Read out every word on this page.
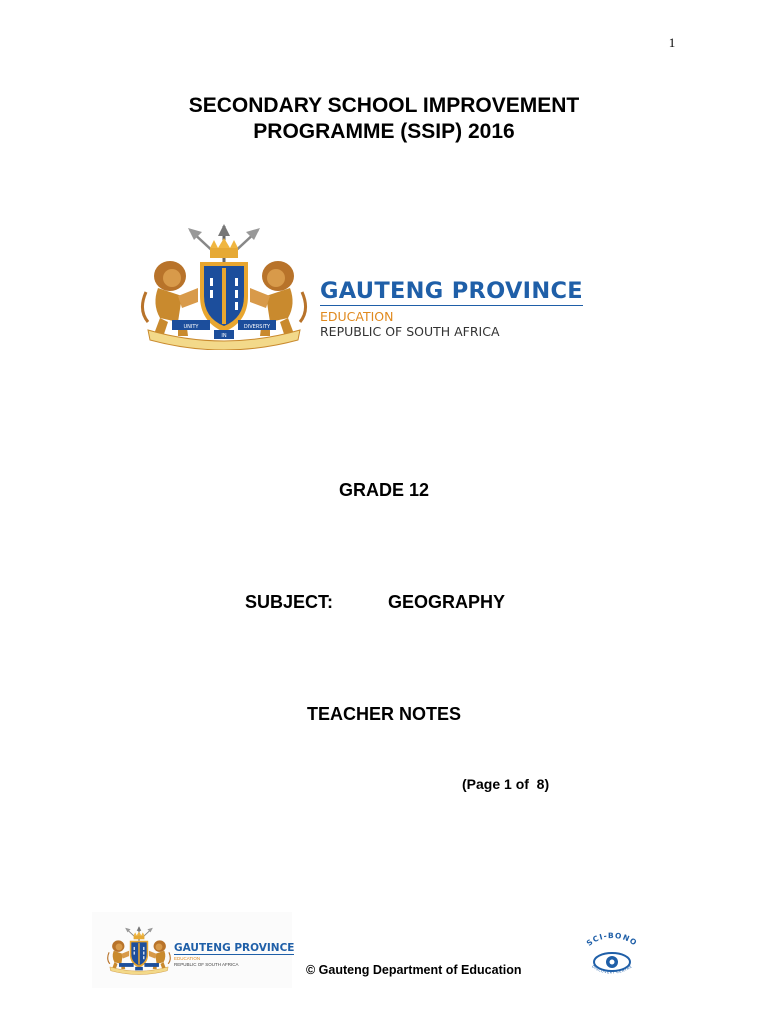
1
SECONDARY SCHOOL IMPROVEMENT
PROGRAMME (SSIP) 2016
UNITY
IN
DIVERSITY
GAUTENG PROVINCE
EDUCATION
REPUBLIC OF SOUTH AFRICA
GRADE 12
SUBJECT:	GEOGRAPHY
TEACHER NOTES
(Page 1 of  8)
GAUTENG PROVINCE
EDUCATION
REPUBLIC OF SOUTH AFRICA	© Gauteng Department of Education
SCI-BONO
DISCOVERY CENTRE
